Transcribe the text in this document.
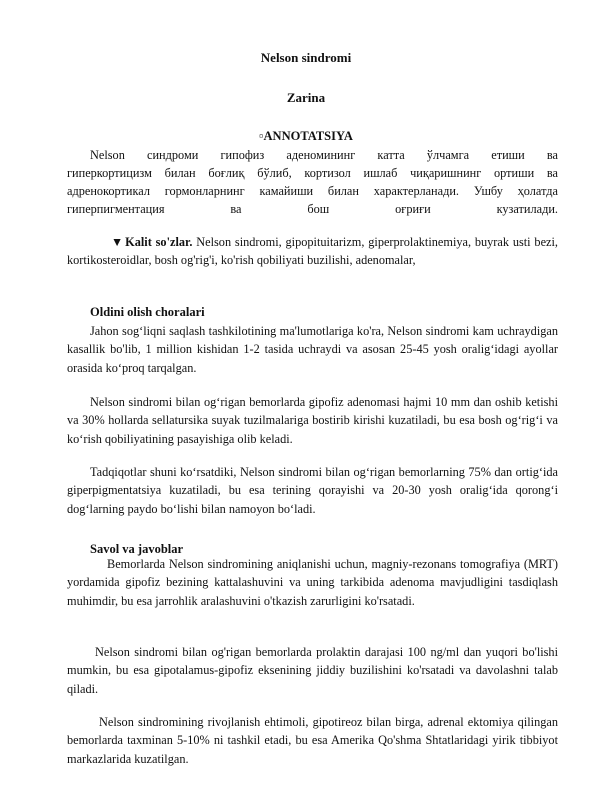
Nelson sindromi
Zarina
▫ANNOTATSIYA
Nelson синдроми гипофиз аденомининг катта ўлчамга етиши ва
гиперкортицизм билан боғлиқ бўлиб, кортизол ишлаб чиқаришнинг ортиши ва
адренокортикал гормонларнинг камайиши билан характерланади. Ушбу ҳолатда
гиперпигментация ва бош оғриғи кузатилади.
▼ Kalit so'zlar. Nelson sindromi, gipopituitarizm, giperprolaktinemiya, buyrak usti bezi, kortikosteroidlar, bosh og'rig'i, ko'rish qobiliyati buzilishi, adenomalar,
Oldini olish choralari
Jahon sog‘liqni saqlash tashkilotining ma'lumotlariga ko'ra, Nelson sindromi kam uchraydigan kasallik bo'lib, 1 million kishidan 1-2 tasida uchraydi va asosan 25-45 yosh oralig‘idagi ayollar orasida ko‘proq tarqalgan.
Nelson sindromi bilan og‘rigan bemorlarda gipofiz adenomasi hajmi 10 mm dan oshib ketishi va 30% hollarda sellatursika suyak tuzilmalariga bostirib kirishi kuzatiladi, bu esa bosh og‘rig‘i va ko‘rish qobiliyatining pasayishiga olib keladi.
Tadqiqotlar shuni ko‘rsatdiki, Nelson sindromi bilan og‘rigan bemorlarning 75% dan ortig‘ida giperpigmentatsiya kuzatiladi, bu esa terining qorayishi va 20-30 yosh oralig‘ida qorong‘i dog‘larning paydo bo‘lishi bilan namoyon bo‘ladi.
Savol va javoblar
Bemorlarda Nelson sindromining aniqlanishi uchun, magniy-rezonans tomografiya (MRT) yordamida gipofiz bezining kattalashuvini va uning tarkibida adenoma mavjudligini tasdiqlash muhimdir, bu esa jarrohlik aralashuvini o'tkazish zarurligini ko'rsatadi.
Nelson sindromi bilan og'rigan bemorlarda prolaktin darajasi 100 ng/ml dan yuqori bo'lishi mumkin, bu esa gipotalamus-gipofiz eksenining jiddiy buzilishini ko'rsatadi va davolashni talab qiladi.
Nelson sindromining rivojlanish ehtimoli, gipotireoz bilan birga, adrenal ektomiya qilingan bemorlarda taxminan 5-10% ni tashkil etadi, bu esa Amerika Qo'shma Shtatlaridagi yirik tibbiyot markazlarida kuzatilgan.
